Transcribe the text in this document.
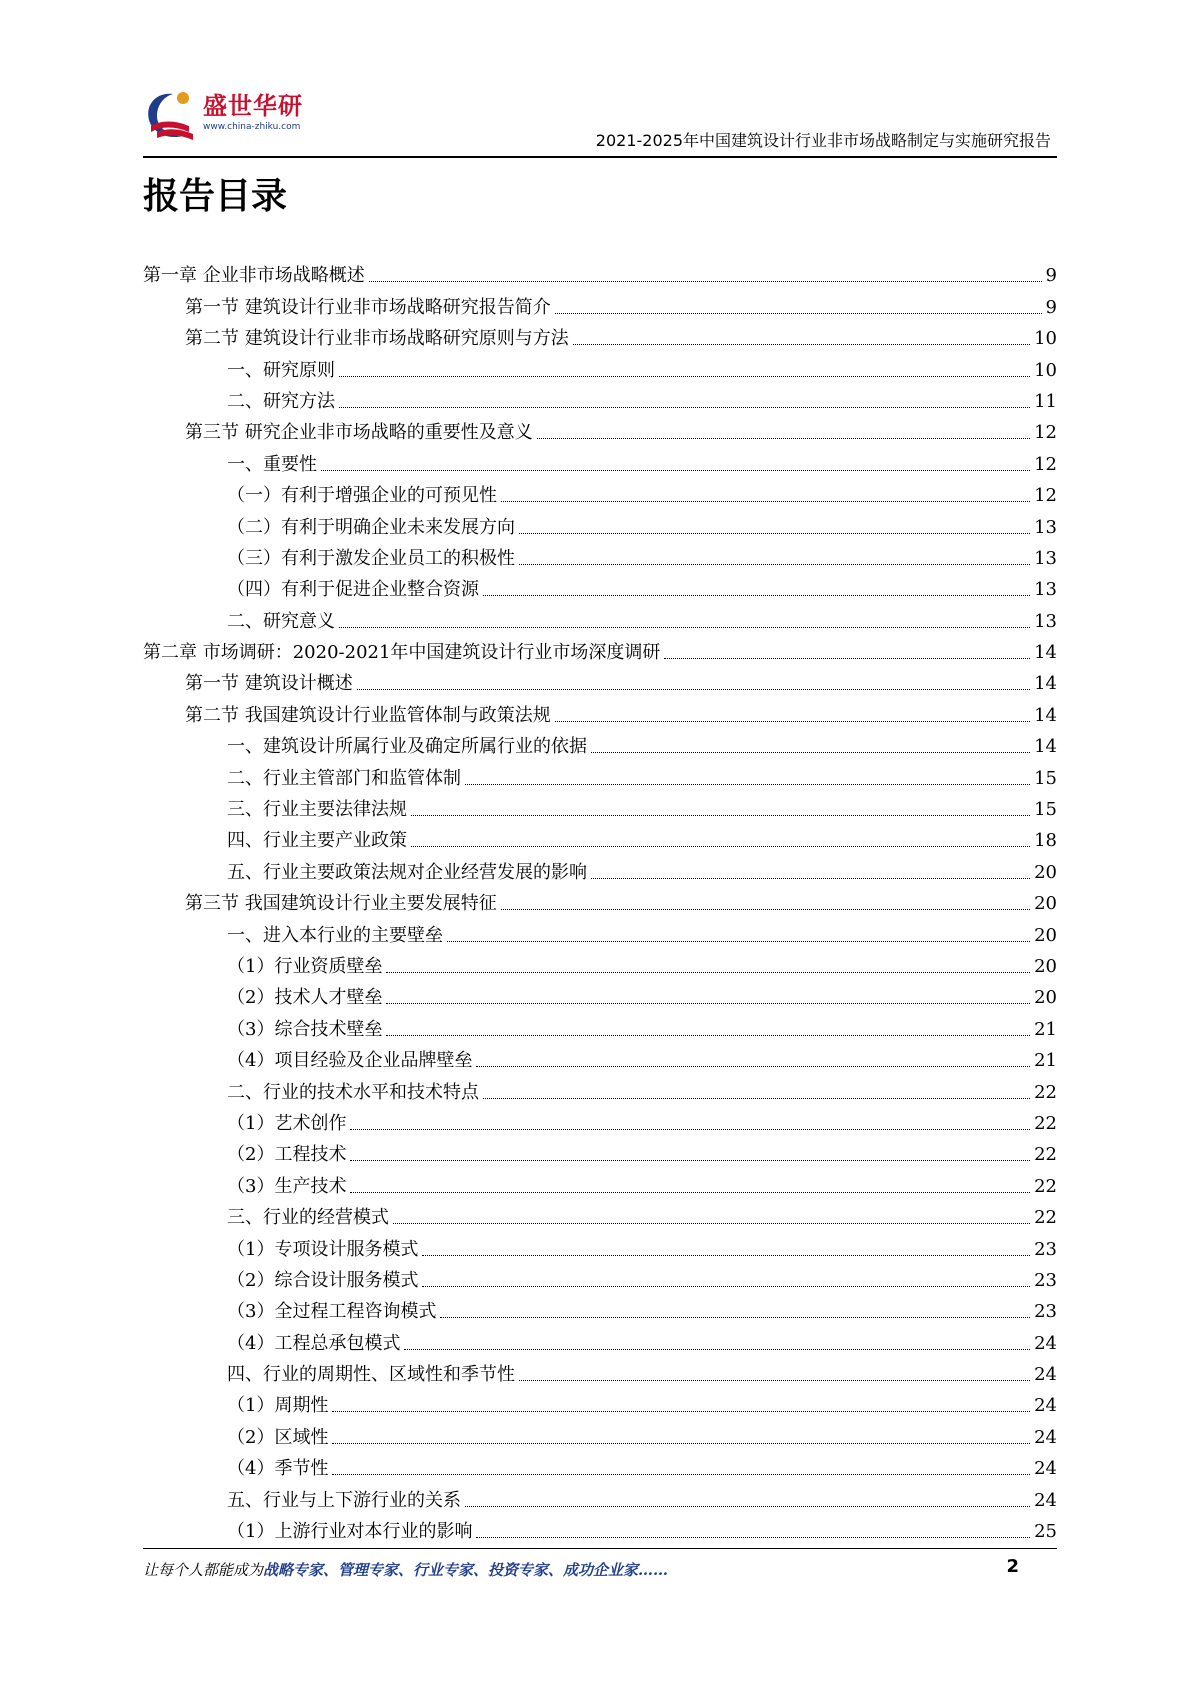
盛世华研
www.china-zhiku.com
2021-2025年中国建筑设计行业非市场战略制定与实施研究报告
报告目录
第一章 企业非市场战略概述	9
第一节 建筑设计行业非市场战略研究报告简介	9
第二节 建筑设计行业非市场战略研究原则与方法	10
一、研究原则	10
二、研究方法	11
第三节 研究企业非市场战略的重要性及意义	12
一、重要性	12
（一）有利于增强企业的可预见性	12
（二）有利于明确企业未来发展方向	13
（三）有利于激发企业员工的积极性	13
（四）有利于促进企业整合资源	13
二、研究意义	13
第二章 市场调研：2020-2021年中国建筑设计行业市场深度调研	14
第一节 建筑设计概述	14
第二节 我国建筑设计行业监管体制与政策法规	14
一、建筑设计所属行业及确定所属行业的依据	14
二、行业主管部门和监管体制	15
三、行业主要法律法规	15
四、行业主要产业政策	18
五、行业主要政策法规对企业经营发展的影响	20
第三节 我国建筑设计行业主要发展特征	20
一、进入本行业的主要壁垒	20
（1）行业资质壁垒	20
（2）技术人才壁垒	20
（3）综合技术壁垒	21
（4）项目经验及企业品牌壁垒	21
二、行业的技术水平和技术特点	22
（1）艺术创作	22
（2）工程技术	22
（3）生产技术	22
三、行业的经营模式	22
（1）专项设计服务模式	23
（2）综合设计服务模式	23
（3）全过程工程咨询模式	23
（4）工程总承包模式	24
四、行业的周期性、区域性和季节性	24
（1）周期性	24
（2）区域性	24
（4）季节性	24
五、行业与上下游行业的关系	24
（1）上游行业对本行业的影响	25
让每个人都能成为战略专家、管理专家、行业专家、投资专家、成功企业家……	2
